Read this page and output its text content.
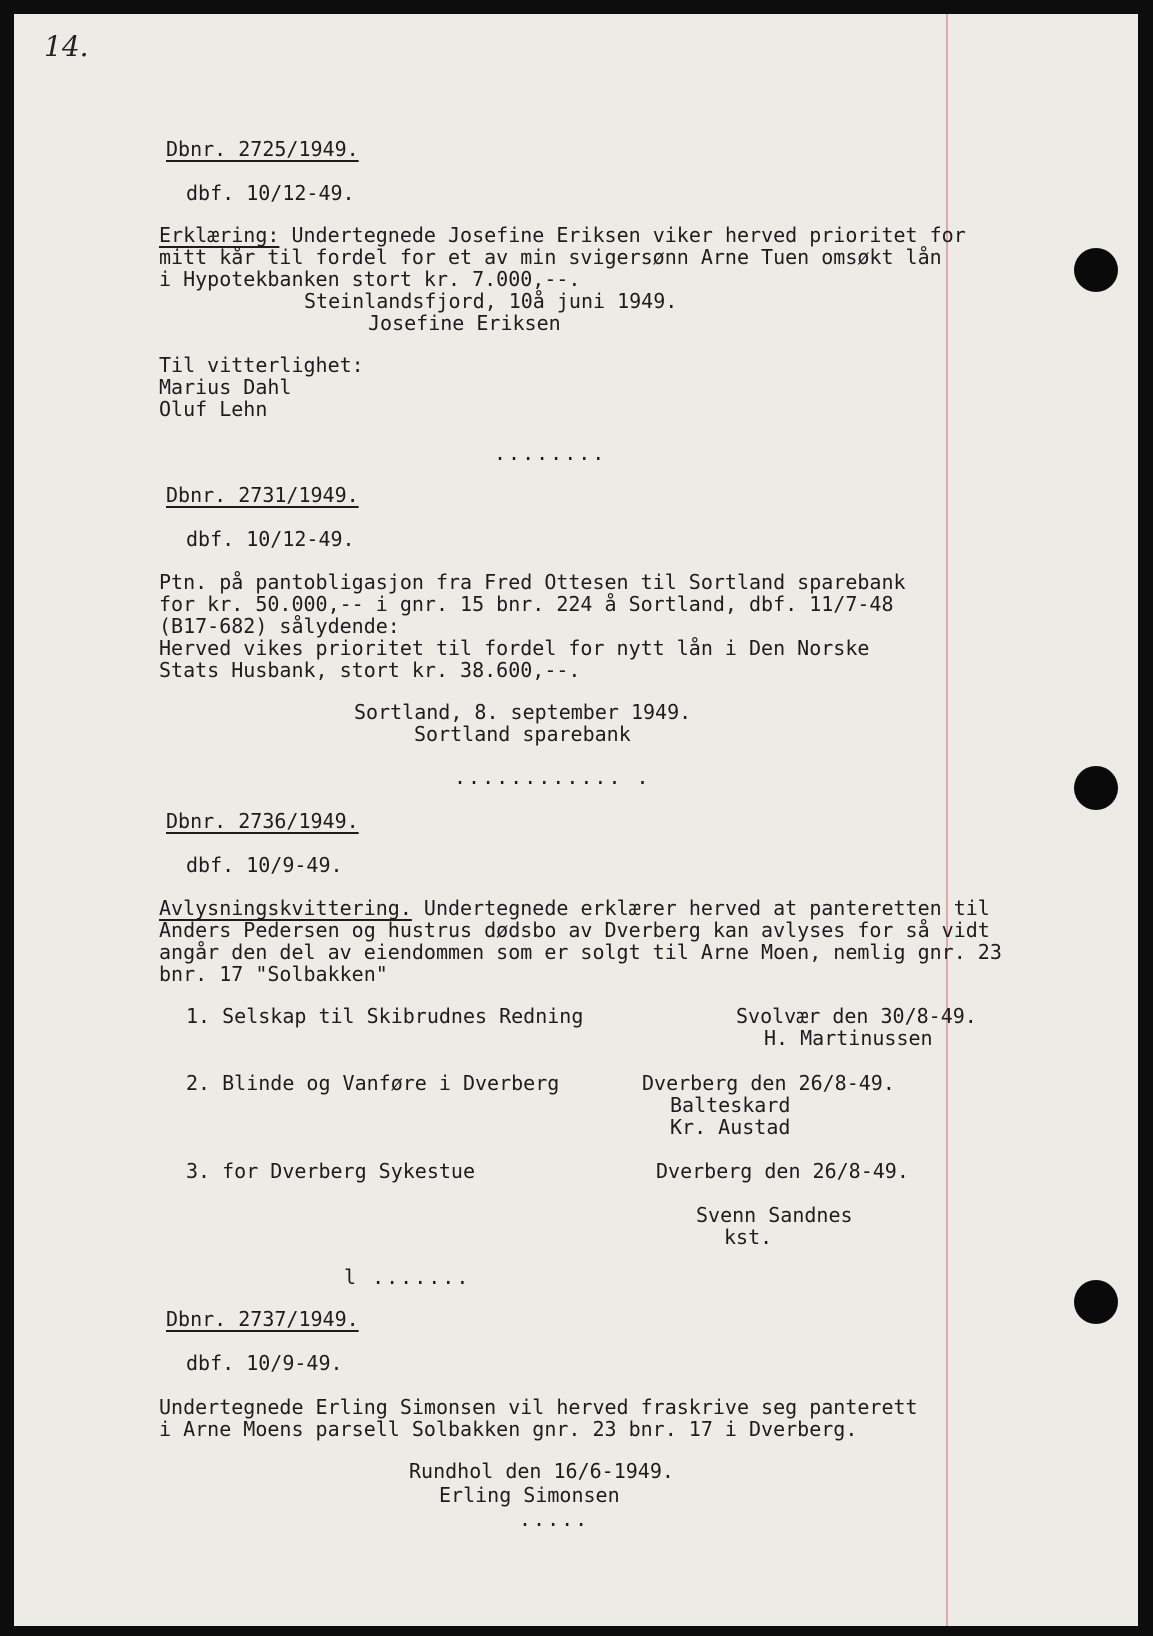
14.
Dbnr. 2725/1949.
dbf. 10/12-49.
Erklæring: Undertegnede Josefine Eriksen viker herved prioritet for
mitt kår til fordel for et av min svigersønn Arne Tuen omsøkt lån
i Hypotekbanken stort kr. 7.000,--.
Steinlandsfjord, 10å juni 1949.
Josefine Eriksen
Til vitterlighet:
Marius Dahl
Oluf Lehn
........
Dbnr. 2731/1949.
dbf. 10/12-49.
Ptn. på pantobligasjon fra Fred Ottesen til Sortland sparebank
for kr. 50.000,-- i gnr. 15 bnr. 224 å Sortland, dbf. 11/7-48
(B17-682) sålydende:
Herved vikes prioritet til fordel for nytt lån i Den Norske
Stats Husbank, stort kr. 38.600,--.
Sortland, 8. september 1949.
Sortland sparebank
............ .
Dbnr. 2736/1949.
dbf. 10/9-49.
Avlysningskvittering. Undertegnede erklærer herved at panteretten til
Anders Pedersen og hustrus dødsbo av Dverberg kan avlyses for så vidt
angår den del av eiendommen som er solgt til Arne Moen, nemlig gnr. 23
bnr. 17 "Solbakken"
1. Selskap til Skibrudnes Redning	Svolvær den 30/8-49.
H. Martinussen
2. Blinde og Vanføre i Dverberg	Dverberg den 26/8-49.
Balteskard
Kr. Austad
3. for Dverberg Sykestue	Dverberg den 26/8-49.
Svenn Sandnes
kst.
l .......
Dbnr. 2737/1949.
dbf. 10/9-49.
Undertegnede Erling Simonsen vil herved fraskrive seg panterett
i Arne Moens parsell Solbakken gnr. 23 bnr. 17 i Dverberg.
Rundhol den 16/6-1949.
Erling Simonsen
.....
